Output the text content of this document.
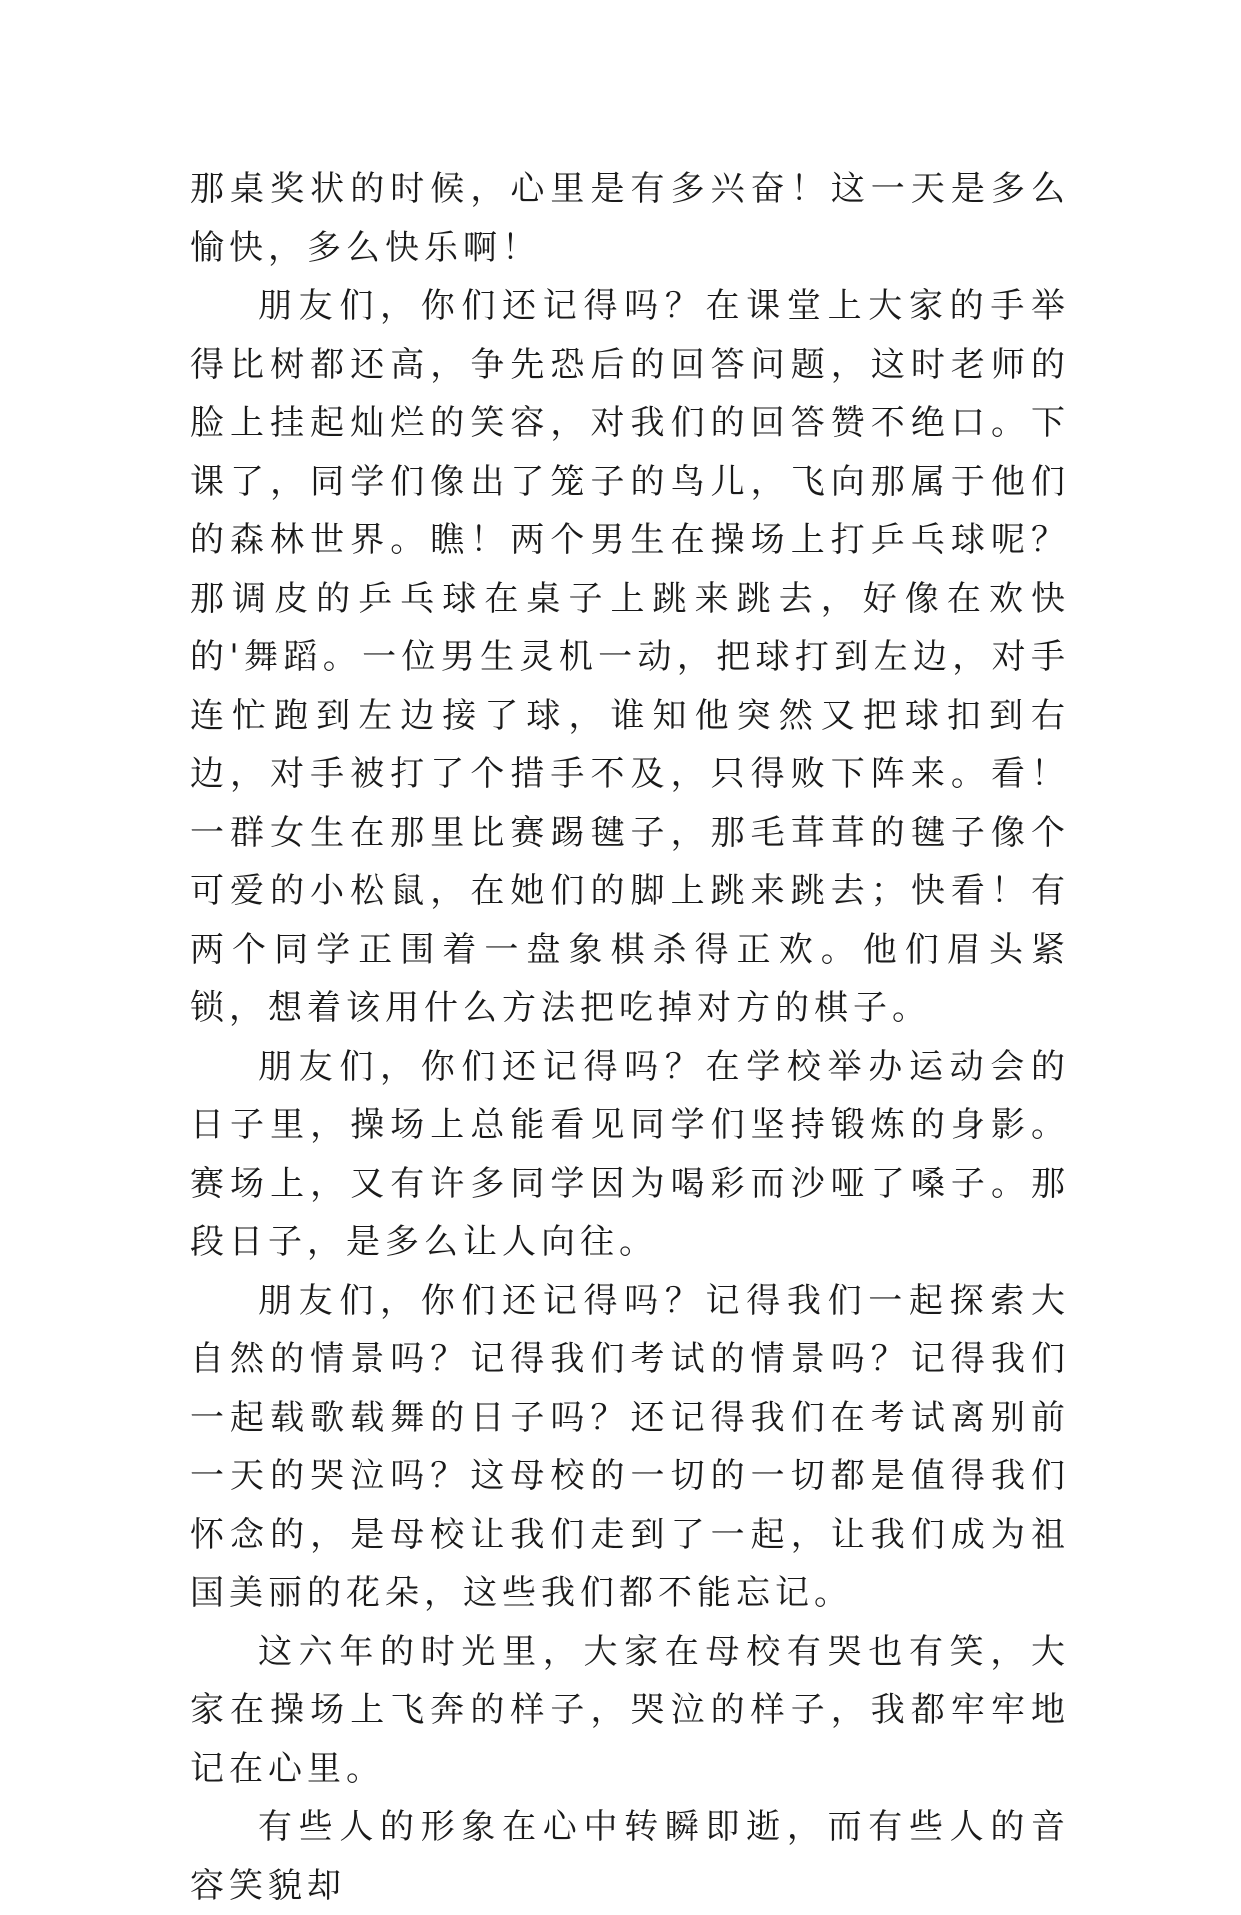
那桌奖状的时候，心里是有多兴奋！这一天是多么愉快，多么快乐啊！

朋友们，你们还记得吗？在课堂上大家的手举得比树都还高，争先恐后的回答问题，这时老师的脸上挂起灿烂的笑容，对我们的回答赞不绝口。下课了，同学们像出了笼子的鸟儿，飞向那属于他们的森林世界。瞧！两个男生在操场上打乒乓球呢？那调皮的乒乓球在桌子上跳来跳去，好像在欢快的'舞蹈。一位男生灵机一动，把球打到左边，对手连忙跑到左边接了球，谁知他突然又把球扣到右边，对手被打了个措手不及，只得败下阵来。看！一群女生在那里比赛踢毽子，那毛茸茸的毽子像个可爱的小松鼠，在她们的脚上跳来跳去；快看！有两个同学正围着一盘象棋杀得正欢。他们眉头紧锁，想着该用什么方法把吃掉对方的棋子。

朋友们，你们还记得吗？在学校举办运动会的日子里，操场上总能看见同学们坚持锻炼的身影。赛场上，又有许多同学因为喝彩而沙哑了嗓子。那段日子，是多么让人向往。

朋友们，你们还记得吗？记得我们一起探索大自然的情景吗？记得我们考试的情景吗？记得我们一起载歌载舞的日子吗？还记得我们在考试离别前一天的哭泣吗？这母校的一切的一切都是值得我们怀念的，是母校让我们走到了一起，让我们成为祖国美丽的花朵，这些我们都不能忘记。

这六年的时光里，大家在母校有哭也有笑，大家在操场上飞奔的样子，哭泣的样子，我都牢牢地记在心里。

有些人的形象在心中转瞬即逝，而有些人的音容笑貌却
